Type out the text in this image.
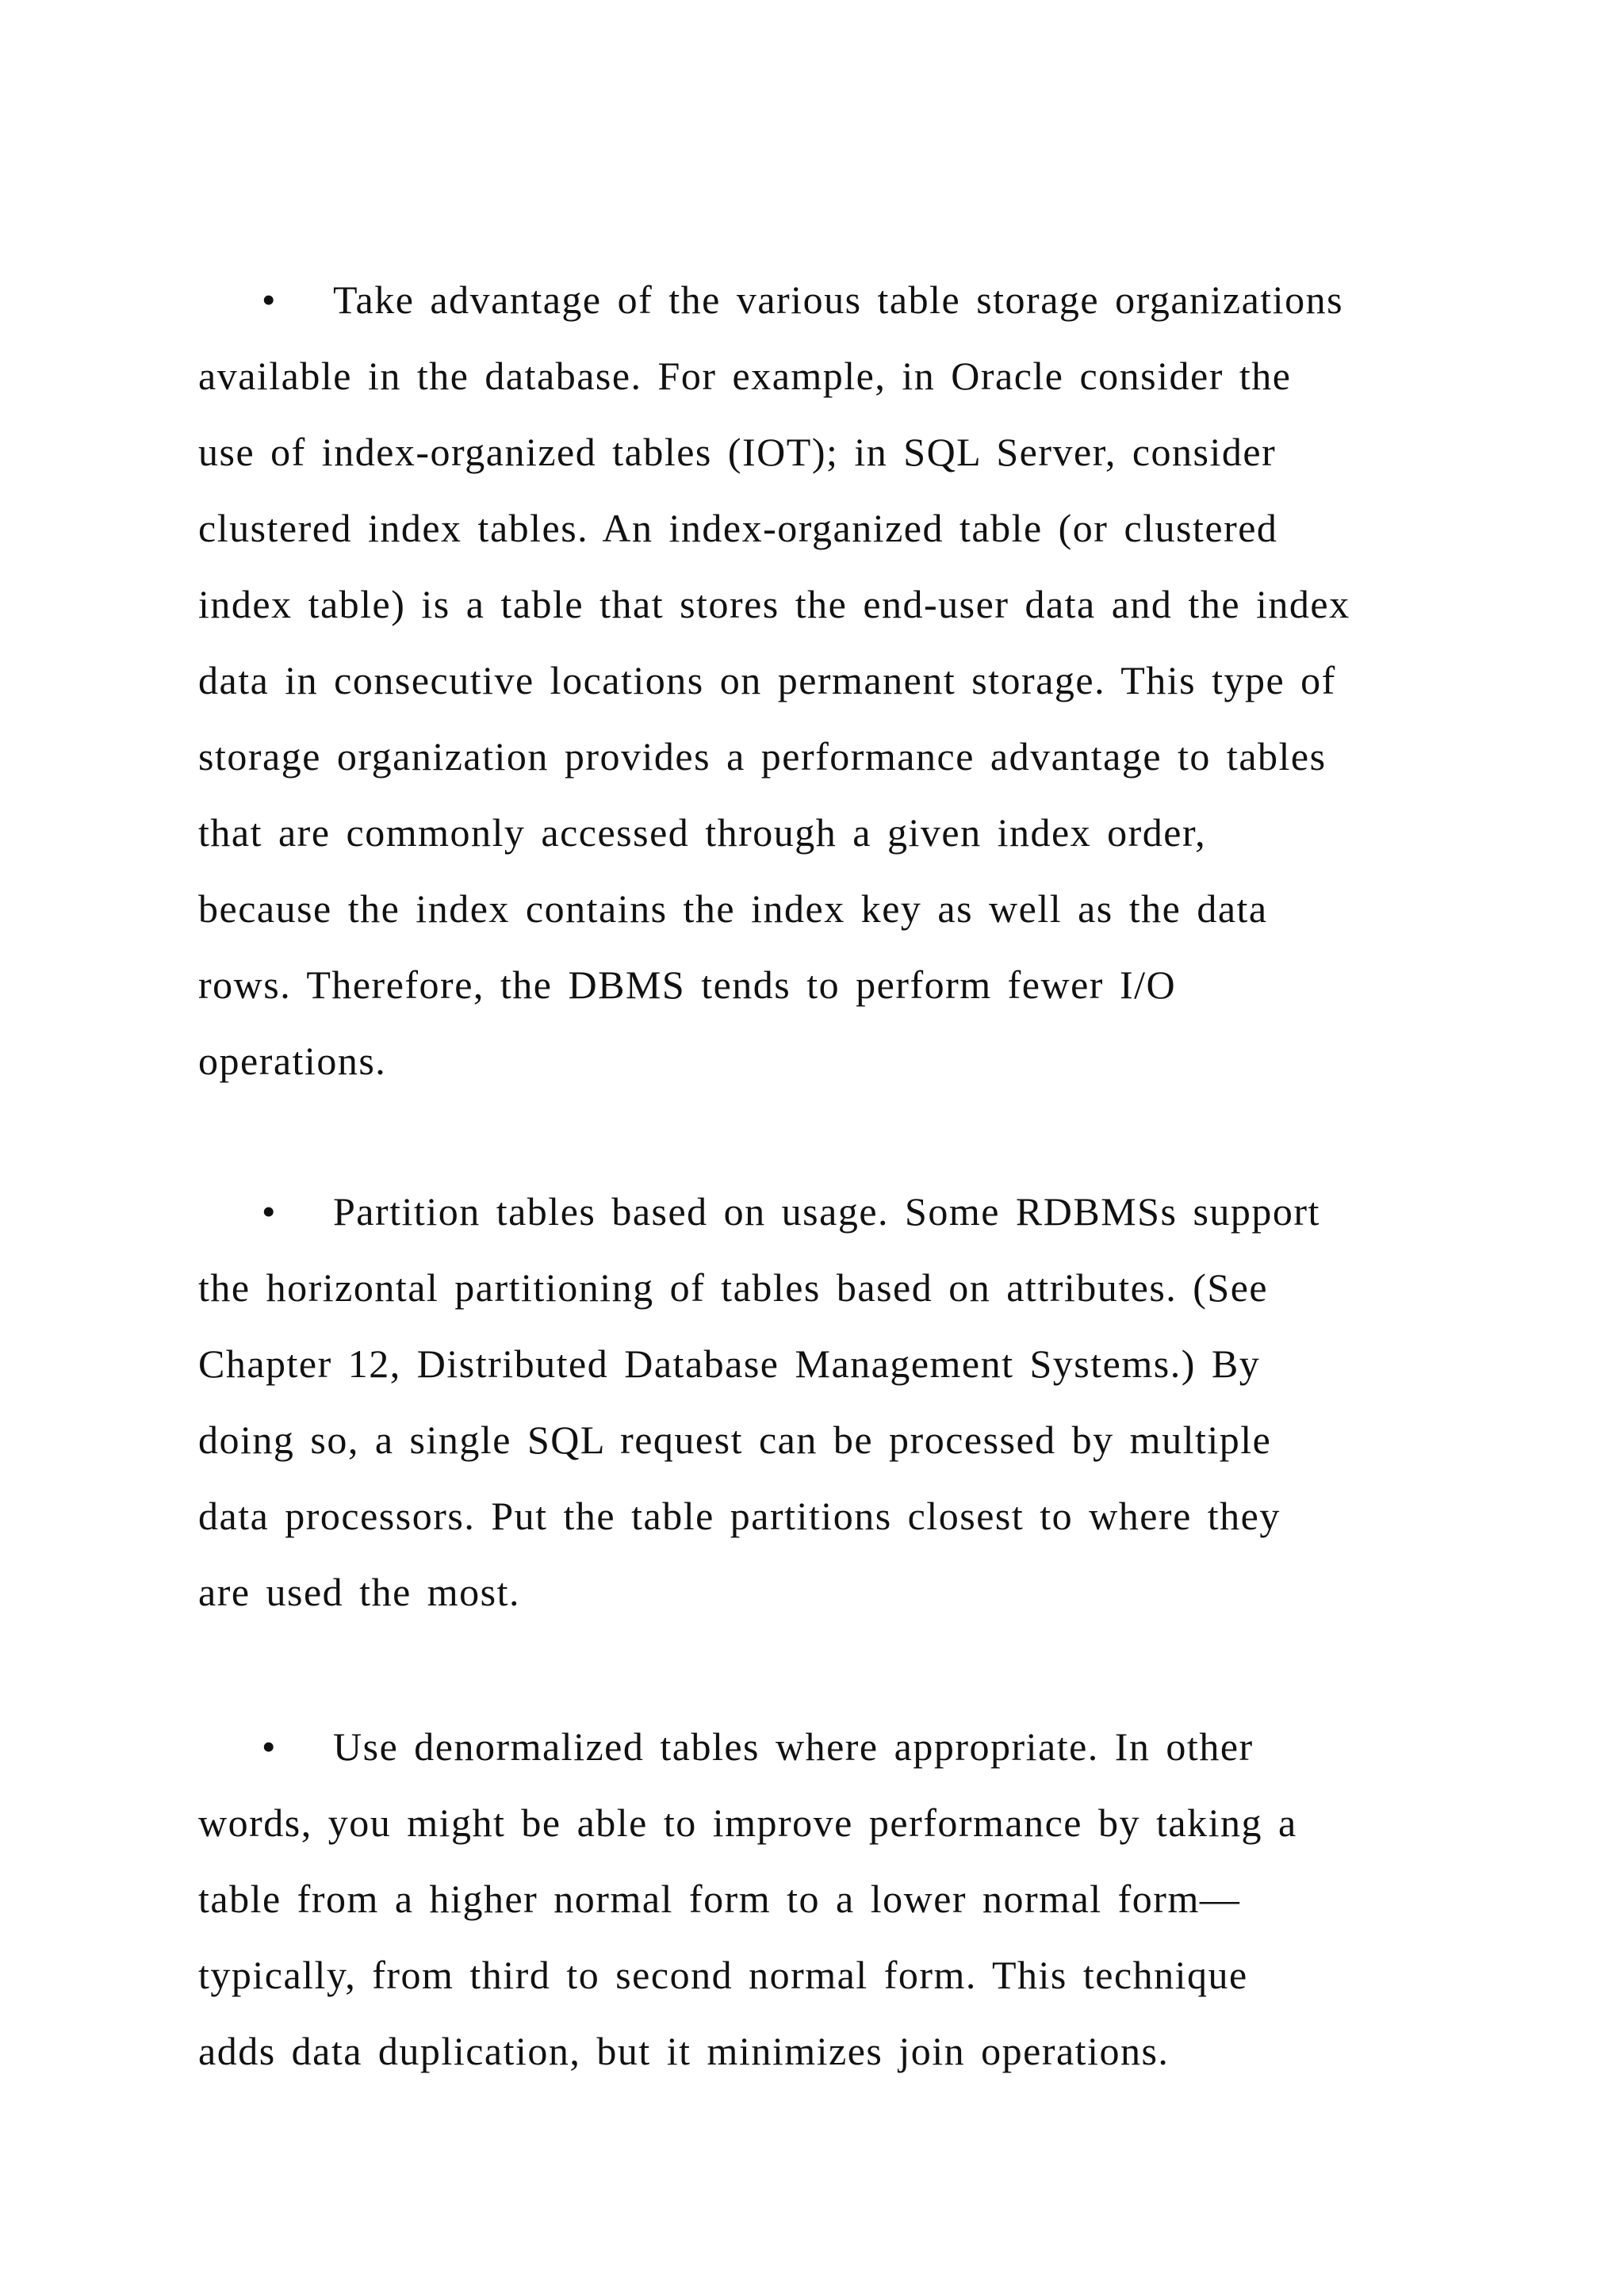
• Take advantage of the various table storage organizations
available in the database. For example, in Oracle consider the
use of index-organized tables (IOT); in SQL Server, consider
clustered index tables. An index-organized table (or clustered
index table) is a table that stores the end-user data and the index
data in consecutive locations on permanent storage. This type of
storage organization provides a performance advantage to tables
that are commonly accessed through a given index order,
because the index contains the index key as well as the data
rows. Therefore, the DBMS tends to perform fewer I/O
operations.
• Partition tables based on usage. Some RDBMSs support
the horizontal partitioning of tables based on attributes. (See
Chapter 12, Distributed Database Management Systems.) By
doing so, a single SQL request can be processed by multiple
data processors. Put the table partitions closest to where they
are used the most.
• Use denormalized tables where appropriate. In other
words, you might be able to improve performance by taking a
table from a higher normal form to a lower normal form—
typically, from third to second normal form. This technique
adds data duplication, but it minimizes join operations.
